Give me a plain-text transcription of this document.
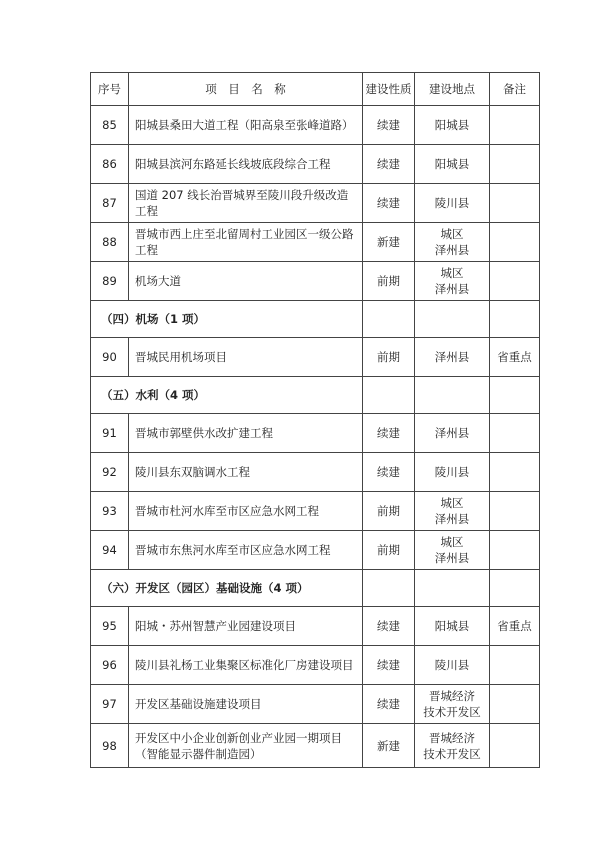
序号	项　目　名　称	建设性质	建设地点	备注
85	阳城县桑田大道工程（阳高泉至张峰道路）	续建	阳城县	
86	阳城县滨河东路延长线坡底段综合工程	续建	阳城县	
87	国道 207 线长治晋城界至陵川段升级改造工程	续建	陵川县	
88	晋城市西上庄至北留周村工业园区一级公路工程	新建	城区
泽州县	
89	机场大道	前期	城区
泽州县	
（四）机场（1 项）				
90	晋城民用机场项目	前期	泽州县	省重点
（五）水利（4 项）				
91	晋城市郭壁供水改扩建工程	续建	泽州县	
92	陵川县东双脑调水工程	续建	陵川县	
93	晋城市杜河水库至市区应急水网工程	前期	城区
泽州县	
94	晋城市东焦河水库至市区应急水网工程	前期	城区
泽州县	
（六）开发区（园区）基础设施（4 项）				
95	阳城・苏州智慧产业园建设项目	续建	阳城县	省重点
96	陵川县礼杨工业集聚区标准化厂房建设项目	续建	陵川县	
97	开发区基础设施建设项目	续建	晋城经济
技术开发区	
98	开发区中小企业创新创业产业园一期项目（智能显示器件制造园）	新建	晋城经济
技术开发区	
